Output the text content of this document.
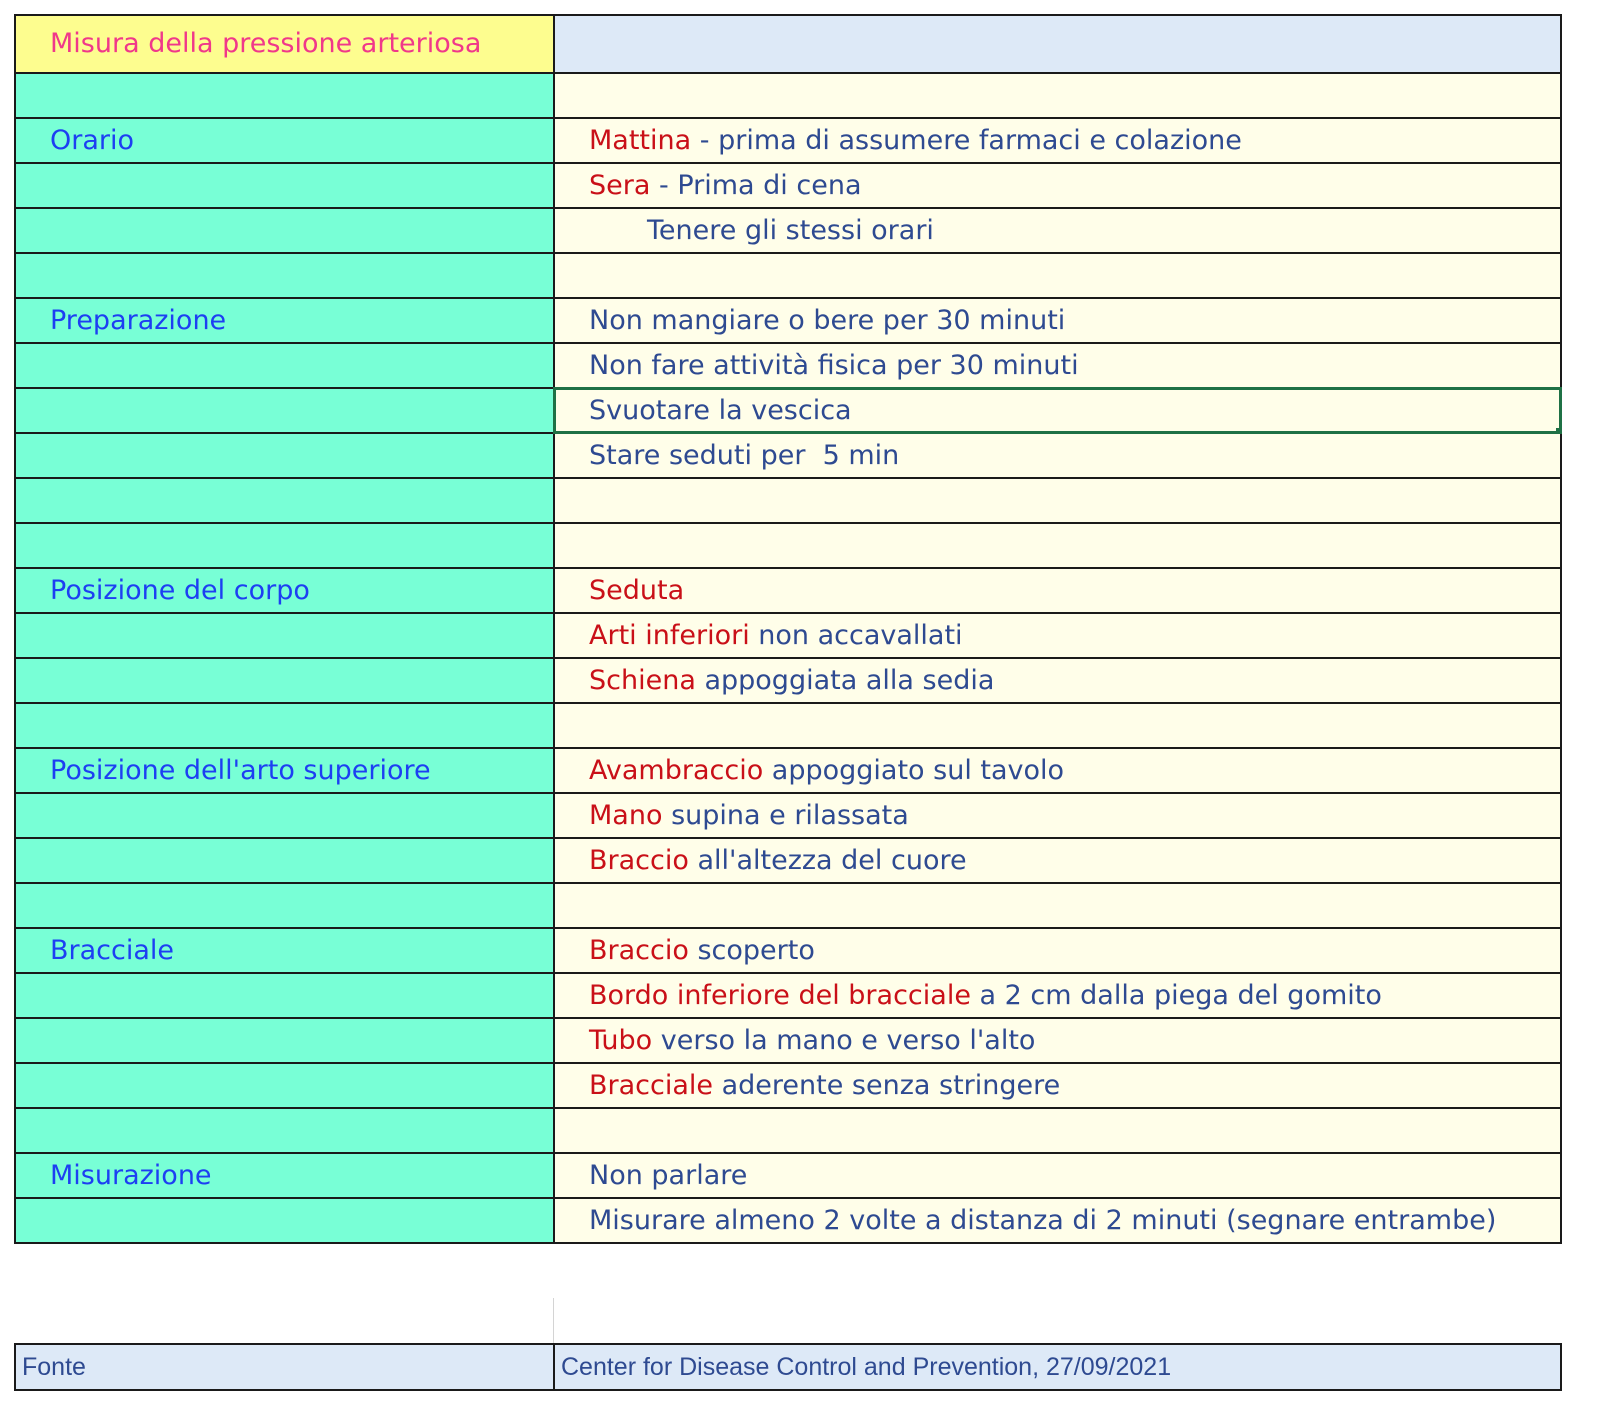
Misura della pressione arteriosa	

Orario	Mattina - prima di assumere farmaci e colazione
	Sera - Prima di cena
	Tenere gli stessi orari

Preparazione	Non mangiare o bere per 30 minuti
	Non fare attività fisica per 30 minuti
	Svuotare la vescica

	Stare seduti per  5 min

Posizione del corpo	Seduta
	Arti inferiori non accavallati
	Schiena appoggiata alla sedia

Posizione dell'arto superiore	Avambraccio appoggiato sul tavolo
	Mano supina e rilassata
	Braccio all'altezza del cuore

Bracciale	Braccio scoperto
	Bordo inferiore del bracciale a 2 cm dalla piega del gomito
	Tubo verso la mano e verso l'alto
	Bracciale aderente senza stringere

Misurazione	Non parlare
	Misurare almeno 2 volte a distanza di 2 minuti (segnare entrambe)
Fonte	Center for Disease Control and Prevention, 27/09/2021
